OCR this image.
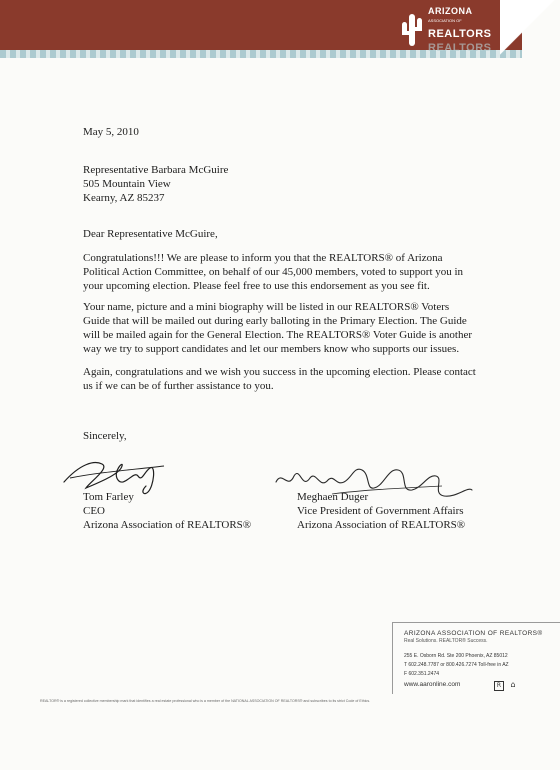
ARIZONA
ASSOCIATION OF
REALTORS
REALTORS
May 5, 2010
Representative Barbara McGuire
505 Mountain View
Kearny, AZ 85237
Dear Representative McGuire,
Congratulations!!! We are please to inform you that the REALTORS® of Arizona
Political Action Committee, on behalf of our 45,000 members, voted to support you in
your upcoming election. Please feel free to use this endorsement as you see fit.
Your name, picture and a mini biography will be listed in our REALTORS® Voters
Guide that will be mailed out during early balloting in the Primary Election. The Guide
will be mailed again for the General Election. The REALTORS® Voter Guide is another
way we try to support candidates and let our members know who supports our issues.
Again, congratulations and we wish you success in the upcoming election. Please contact
us if we can be of further assistance to you.
Sincerely,
Tom Farley
CEO
Arizona Association of REALTORS®
Meghaen Duger
Vice President of Government Affairs
Arizona Association of REALTORS®
ARIZONA ASSOCIATION OF REALTORS®
Real Solutions. REALTOR® Success.
255 E. Osborn Rd. Ste 200 Phoenix, AZ 85012
T 602.248.7787 or 800.426.7274 Toll-free in AZ
F 602.351.2474
www.aaronline.com	R ⌂
REALTOR® is a registered collective membership mark that identifies a real estate professional who is a member of the NATIONAL ASSOCIATION OF REALTORS® and subscribes to its strict Code of Ethics.
